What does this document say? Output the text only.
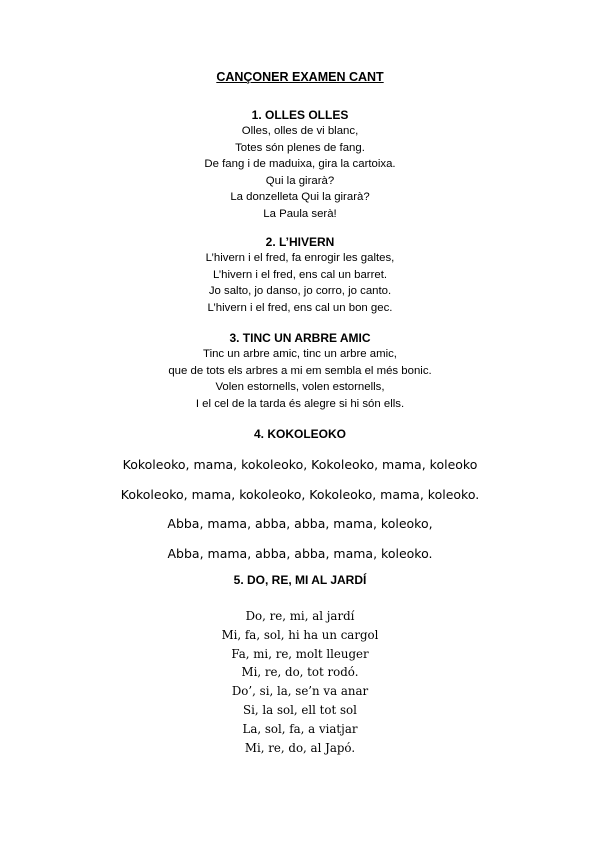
CANÇONER EXAMEN CANT
1. OLLES OLLES
Olles, olles de vi blanc,
Totes són plenes de fang.
De fang i de maduixa, gira la cartoixa.
Qui la girarà?
La donzelleta Qui la girarà?
La Paula serà!
2. L’HIVERN
L’hivern i el fred, fa enrogir les galtes,
L’hivern i el fred, ens cal un barret.
Jo salto, jo danso, jo corro, jo canto.
L’hivern i el fred, ens cal un bon gec.
3. TINC UN ARBRE AMIC
Tinc un arbre amic, tinc un arbre amic,
que de tots els arbres a mi em sembla el més bonic.
Volen estornells, volen estornells,
I el cel de la tarda és alegre si hi són ells.
4. KOKOLEOKO
Kokoleoko, mama, kokoleoko, Kokoleoko, mama, koleoko
Kokoleoko, mama, kokoleoko, Kokoleoko, mama, koleoko.
Abba, mama, abba, abba, mama, koleoko,
Abba, mama, abba, abba, mama, koleoko.
5. DO, RE, MI AL JARDÍ
Do, re, mi, al jardí
Mi, fa, sol, hi ha un cargol
Fa, mi, re, molt lleuger
Mi, re, do, tot rodó.
Do’, si, la, se’n va anar
Si, la sol, ell tot sol
La, sol, fa, a viatjar
Mi, re, do, al Japó.
